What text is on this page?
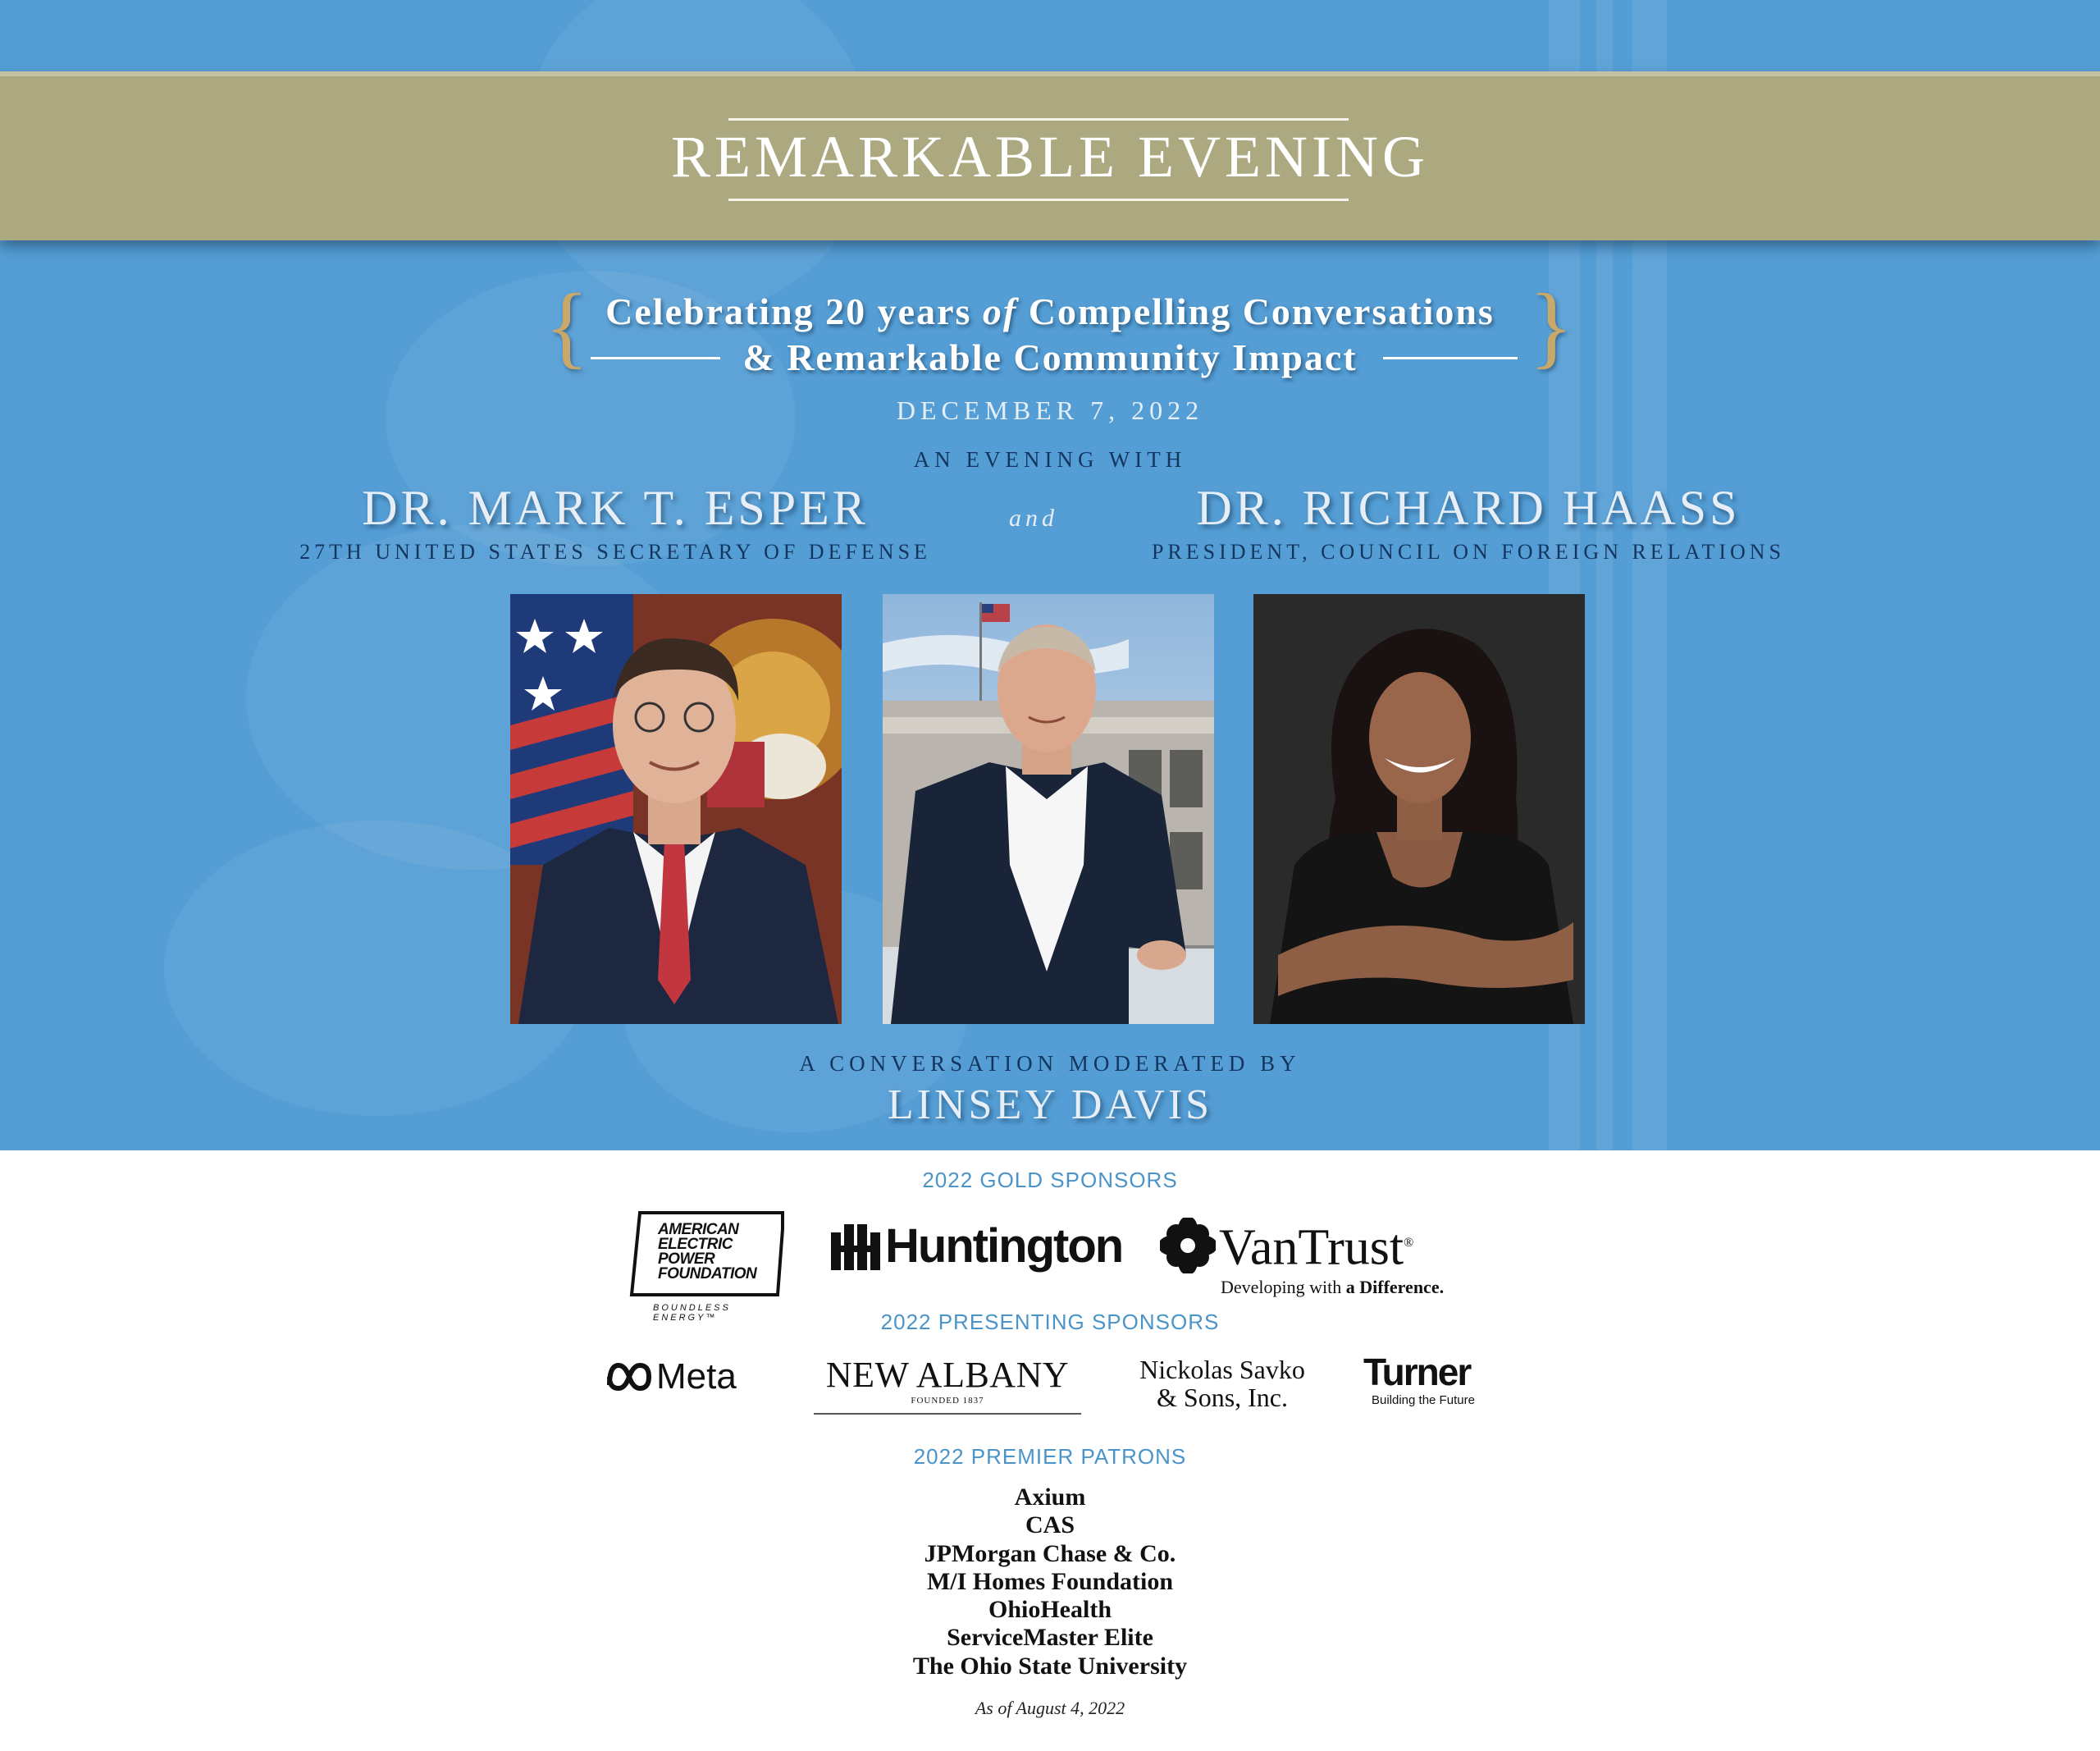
REMARKABLE EVENING
{	}
Celebrating 20 years of Compelling Conversations
& Remarkable Community Impact
DECEMBER 7, 2022
AN EVENING WITH
DR. MARK T. ESPER
27TH UNITED STATES SECRETARY OF DEFENSE
and	DR. RICHARD HAASS
PRESIDENT, COUNCIL ON FOREIGN RELATIONS
A CONVERSATION MODERATED BY
LINSEY DAVIS
2022 GOLD SPONSORS
AMERICAN
ELECTRIC
POWER
FOUNDATION
BOUNDLESS ENERGY™
Huntington VanTrust®
Developing with a Difference.
2022 PRESENTING SPONSORS
Meta	NEW ALBANY
FOUNDED 1837
Nickolas Savko
& Sons, Inc.
Turner
Building the Future
2022 PREMIER PATRONS
Axium
CAS
JPMorgan Chase & Co.
M/I Homes Foundation
OhioHealth
ServiceMaster Elite
The Ohio State University
As of August 4, 2022
